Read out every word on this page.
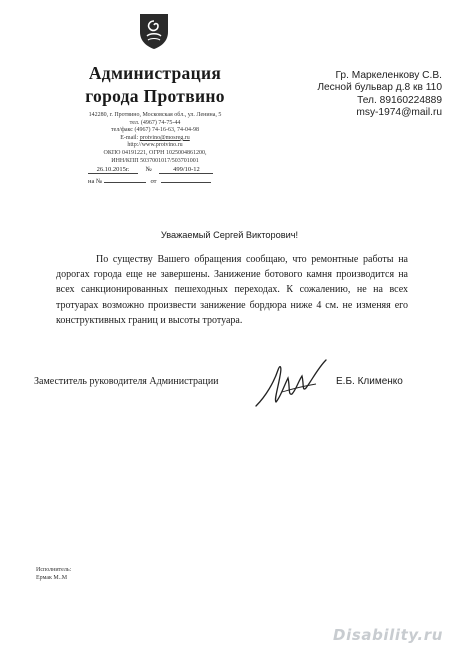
Администрация
города Протвино
142280, г. Протвино, Московская обл., ул. Ленина, 5
тел. (4967) 74-75-44
тел/факс (4967) 74-16-63, 74-04-98
E-mail: protvino@mosreg.ru
http://www.protvino.ru
ОКПО 04191221, ОГРН 1025004861200,
ИНН/КПП 5037001017/503701001
26.10.2015г. №	499/10-12
на №	от
Гр. Маркеленкову С.В.
Лесной бульвар д.8 кв 110
Тел. 89160224889
msy-1974@mail.ru
Уважаемый Сергей Викторович!
По существу Вашего обращения сообщаю, что ремонтные работы на дорогах города еще не завершены. Занижение ботового камня производится на всех санкционированных пешеходных переходах. К сожалению, не на всех тротуарах возможно произвести занижение бордюра ниже 4 см. не изменяя его конструктивных границ и высоты тротуара.
Заместитель руководителя Администрации	Е.Б. Клименко
Исполнитель:
Ермак М..М
Disability.ru
